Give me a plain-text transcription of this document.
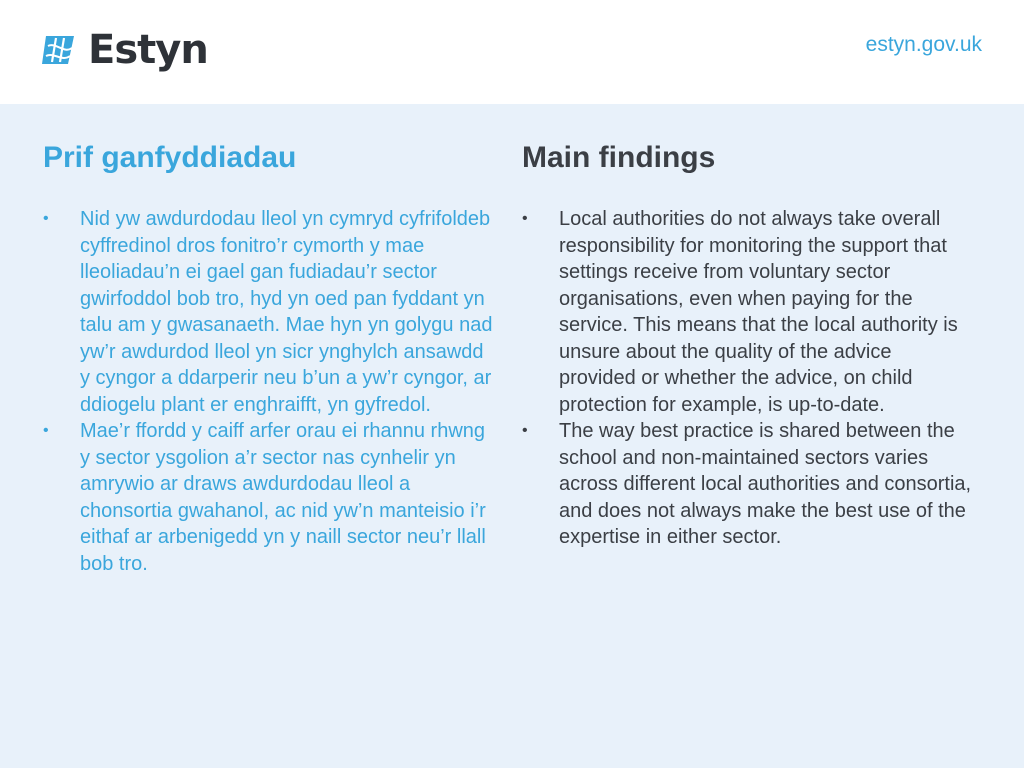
Estyn	estyn.gov.uk
Prif ganfyddiadau
• Nid yw awdurdodau lleol yn cymryd cyfrifoldeb cyffredinol dros fonitro’r cymorth y mae lleoliadau’n ei gael gan fudiadau’r sector gwirfoddol bob tro, hyd yn oed pan fyddant yn talu am y gwasanaeth. Mae hyn yn golygu nad yw’r awdurdod lleol yn sicr ynghylch ansawdd y cyngor a ddarperir neu b’un a yw’r cyngor, ar ddiogelu plant er enghraifft, yn gyfredol.
• Mae’r ffordd y caiff arfer orau ei rhannu rhwng y sector ysgolion a’r sector nas cynhelir yn amrywio ar draws awdurdodau lleol a chonsortia gwahanol, ac nid yw’n manteisio i’r eithaf ar arbenigedd yn y naill sector neu’r llall bob tro.
Main findings
• Local authorities do not always take overall responsibility for monitoring the support that settings receive from voluntary sector organisations, even when paying for the service. This means that the local authority is unsure about the quality of the advice provided or whether the advice, on child protection for example, is up-to-date.
• The way best practice is shared between the school and non-maintained sectors varies across different local authorities and consortia, and does not always make the best use of the expertise in either sector.
